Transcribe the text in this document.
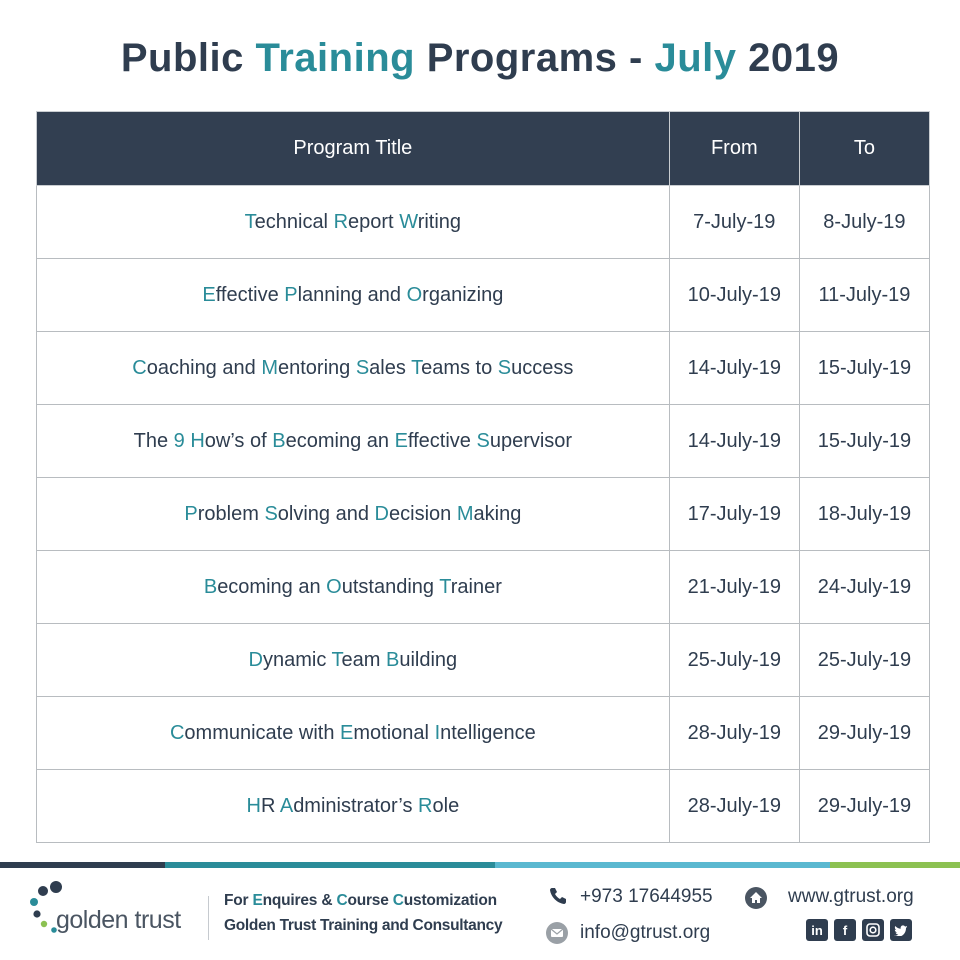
Public Training Programs - July 2019
Program Title	From	To
Technical Report Writing	7-July-19	8-July-19
Effective Planning and Organizing	10-July-19	11-July-19
Coaching and Mentoring Sales Teams to Success	14-July-19	15-July-19
The 9 How’s of Becoming an Effective Supervisor	14-July-19	15-July-19
Problem Solving and Decision Making	17-July-19	18-July-19
Becoming an Outstanding Trainer	21-July-19	24-July-19
Dynamic Team Building	25-July-19	25-July-19
Communicate with Emotional Intelligence	28-July-19	29-July-19
HR Administrator’s Role	28-July-19	29-July-19
golden trust
For Enquires & Course Customization
Golden Trust Training and Consultancy
+973 17644955
info@gtrust.org
www.gtrust.org
in	f
